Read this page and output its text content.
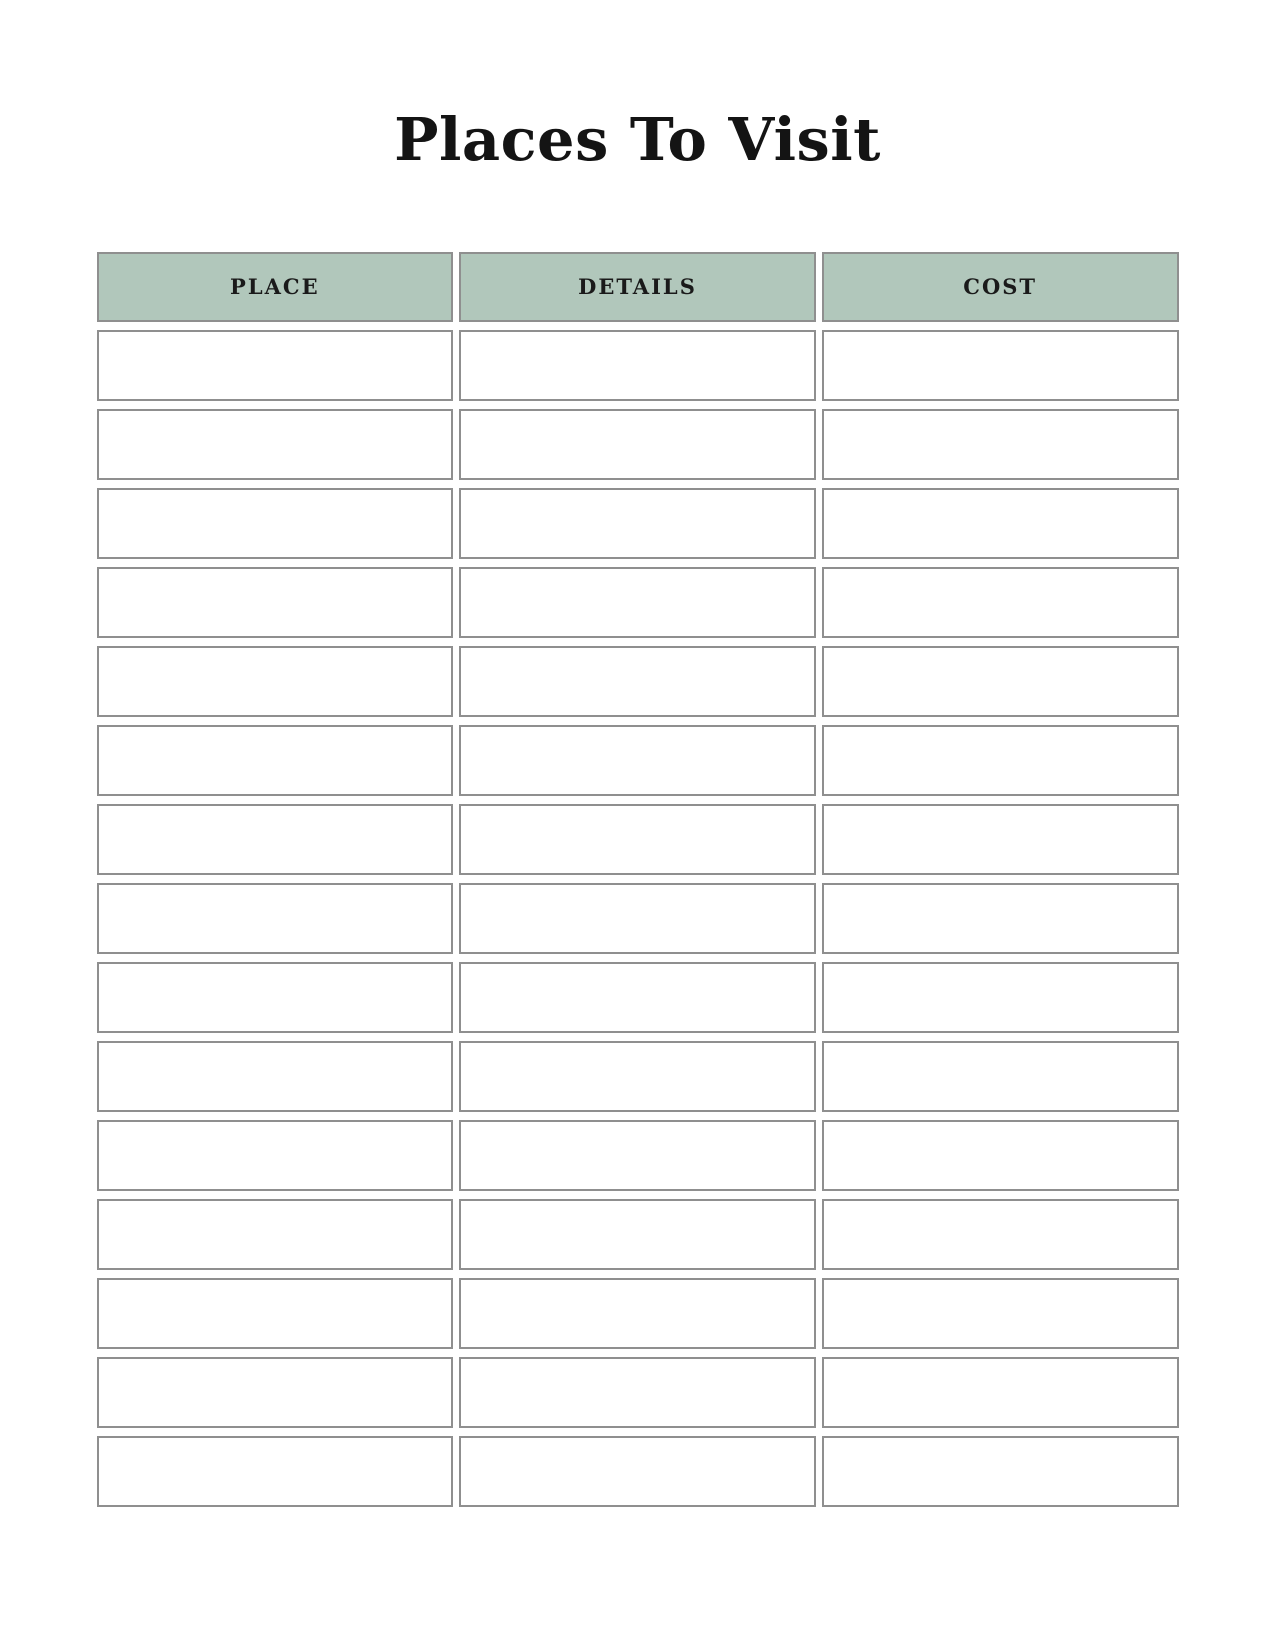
Places To Visit
PLACE	DETAILS	COST
